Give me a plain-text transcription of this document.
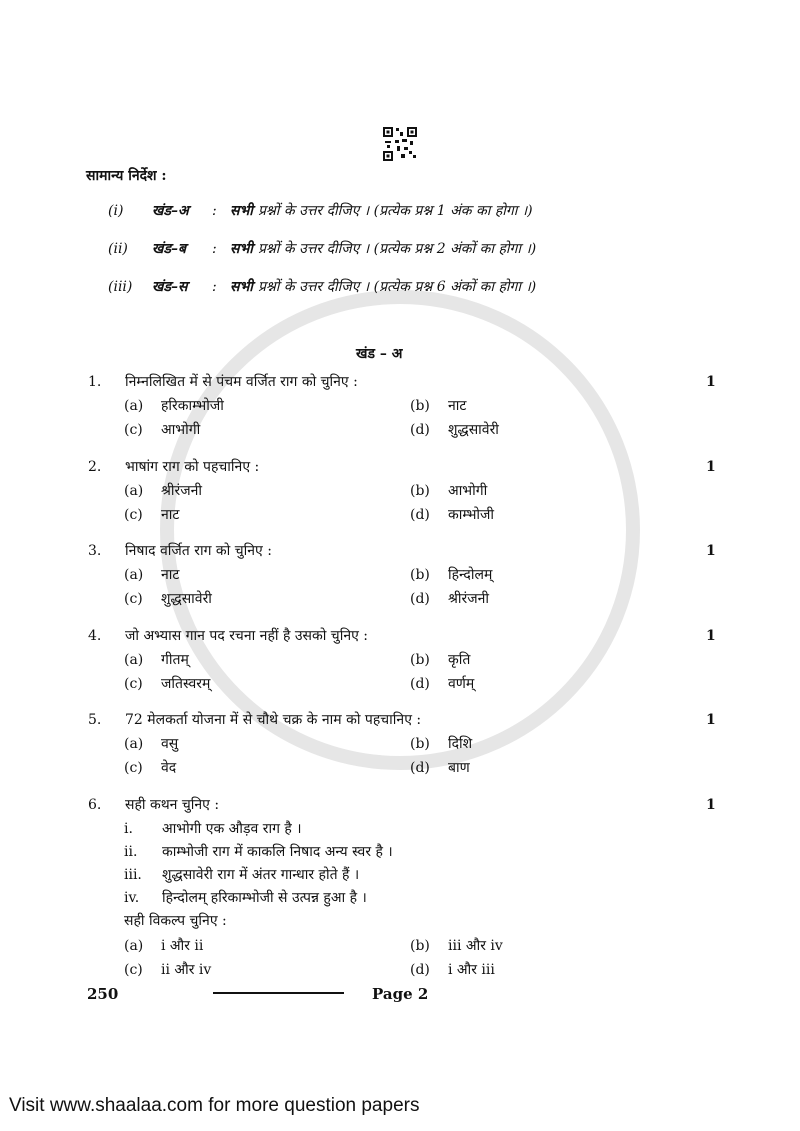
सामान्य निर्देश :
(i)	खंड–अ	: सभी प्रश्नों के उत्तर दीजिए । (प्रत्येक प्रश्न 1 अंक का होगा ।)
(ii)	खंड–ब	: सभी प्रश्नों के उत्तर दीजिए । (प्रत्येक प्रश्न 2 अंकों का होगा ।)
(iii)	खंड–स	: सभी प्रश्नों के उत्तर दीजिए । (प्रत्येक प्रश्न 6 अंकों का होगा ।)
खंड – अ
1. निम्नलिखित में से पंचम वर्जित राग को चुनिए :	1
(a) हरिकाम्भोजी	(b) नाट
(c) आभोगी	(d) शुद्धसावेरी
2. भाषांग राग को पहचानिए :	1
(a) श्रीरंजनी	(b) आभोगी
(c) नाट	(d) काम्भोजी
3. निषाद वर्जित राग को चुनिए :	1
(a) नाट	(b) हिन्दोलम्
(c) शुद्धसावेरी	(d) श्रीरंजनी
4. जो अभ्यास गान पद रचना नहीं है उसको चुनिए :	1
(a) गीतम्	(b) कृति
(c) जतिस्वरम्	(d) वर्णम्
5. 72 मेलकर्ता योजना में से चौथे चक्र के नाम को पहचानिए :	1
(a) वसु	(b) दिशि
(c) वेद	(d) बाण
6. सही कथन चुनिए :	1
i. आभोगी एक औड़व राग है ।
ii. काम्भोजी राग में काकलि निषाद अन्य स्वर है ।
iii. शुद्धसावेरी राग में अंतर गान्धार होते हैं ।
iv. हिन्दोलम् हरिकाम्भोजी से उत्पन्न हुआ है ।
सही विकल्प चुनिए :
(a) i और ii	(b) iii और iv
(c) ii और iv	(d) i और iii
250	Page 2
Visit www.shaalaa.com for more question papers
